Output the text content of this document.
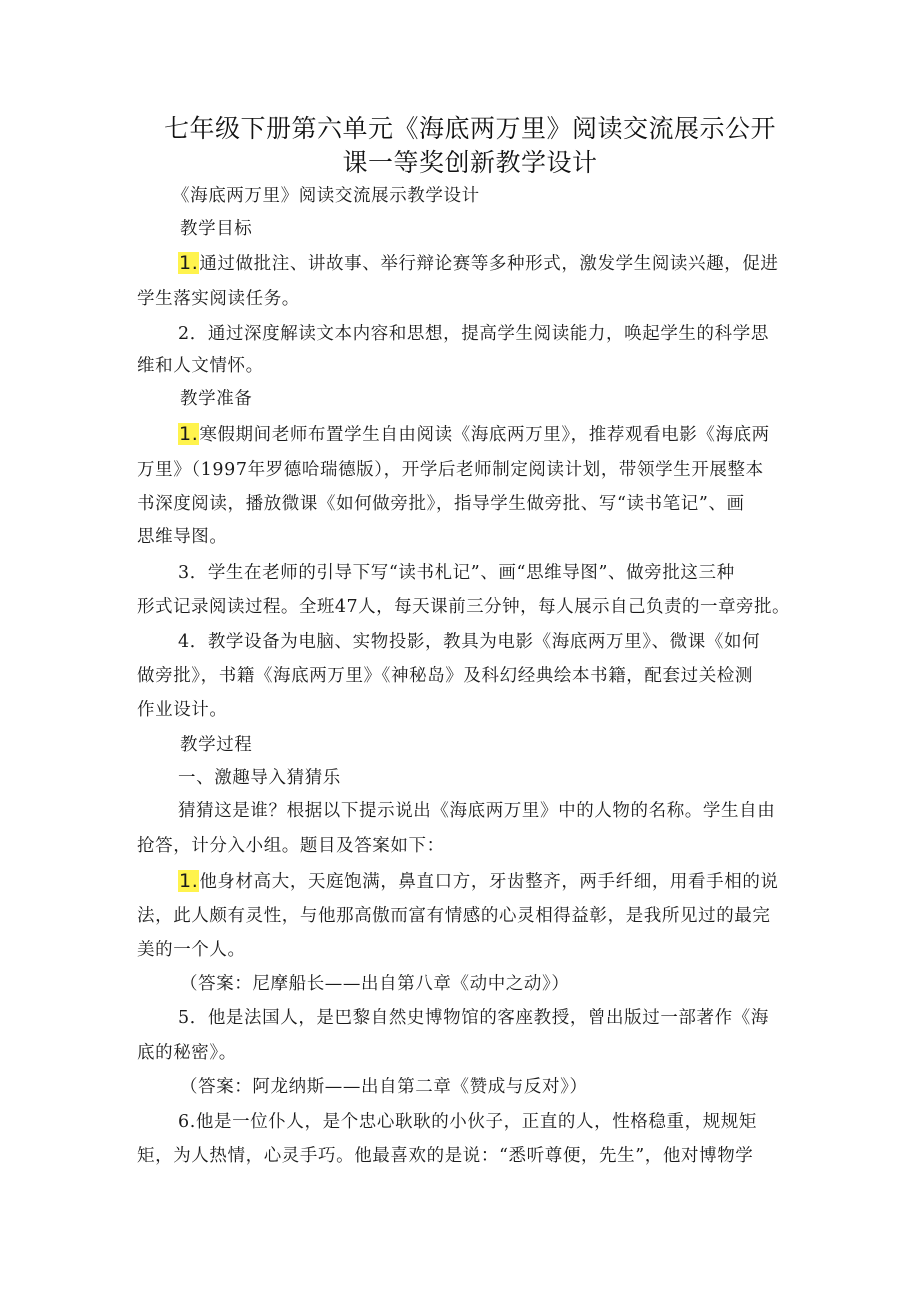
七年级下册第六单元《海底两万里》阅读交流展示公开
课一等奖创新教学设计
《海底两万里》阅读交流展示教学设计
教学目标
1.通过做批注、讲故事、举行辩论赛等多种形式，激发学生阅读兴趣，促进
学生落实阅读任务。
2．通过深度解读文本内容和思想，提高学生阅读能力，唤起学生的科学思
维和人文情怀。
教学准备
1.寒假期间老师布置学生自由阅读《海底两万里》，推荐观看电影《海底两
万里》（1997年罗德哈瑞德版），开学后老师制定阅读计划，带领学生开展整本
书深度阅读，播放微课《如何做旁批》，指导学生做旁批、写“读书笔记”、画
思维导图。
3．学生在老师的引导下写“读书札记”、画“思维导图”、做旁批这三种
形式记录阅读过程。全班47人，每天课前三分钟，每人展示自己负责的一章旁批。
4．教学设备为电脑、实物投影，教具为电影《海底两万里》、微课《如何
做旁批》，书籍《海底两万里》《神秘岛》及科幻经典绘本书籍，配套过关检测
作业设计。
教学过程
一、激趣导入猜猜乐
猜猜这是谁？根据以下提示说出《海底两万里》中的人物的名称。学生自由
抢答，计分入小组。题目及答案如下：
1.他身材高大，天庭饱满，鼻直口方，牙齿整齐，两手纤细，用看手相的说
法，此人颇有灵性，与他那高傲而富有情感的心灵相得益彰，是我所见过的最完
美的一个人。
（答案：尼摩船长——出自第八章《动中之动》）
5．他是法国人，是巴黎自然史博物馆的客座教授，曾出版过一部著作《海
底的秘密》。
（答案：阿龙纳斯——出自第二章《赞成与反对》）
6.他是一位仆人，是个忠心耿耿的小伙子，正直的人，性格稳重，规规矩
矩，为人热情，心灵手巧。他最喜欢的是说：“悉听尊便，先生”，他对博物学
